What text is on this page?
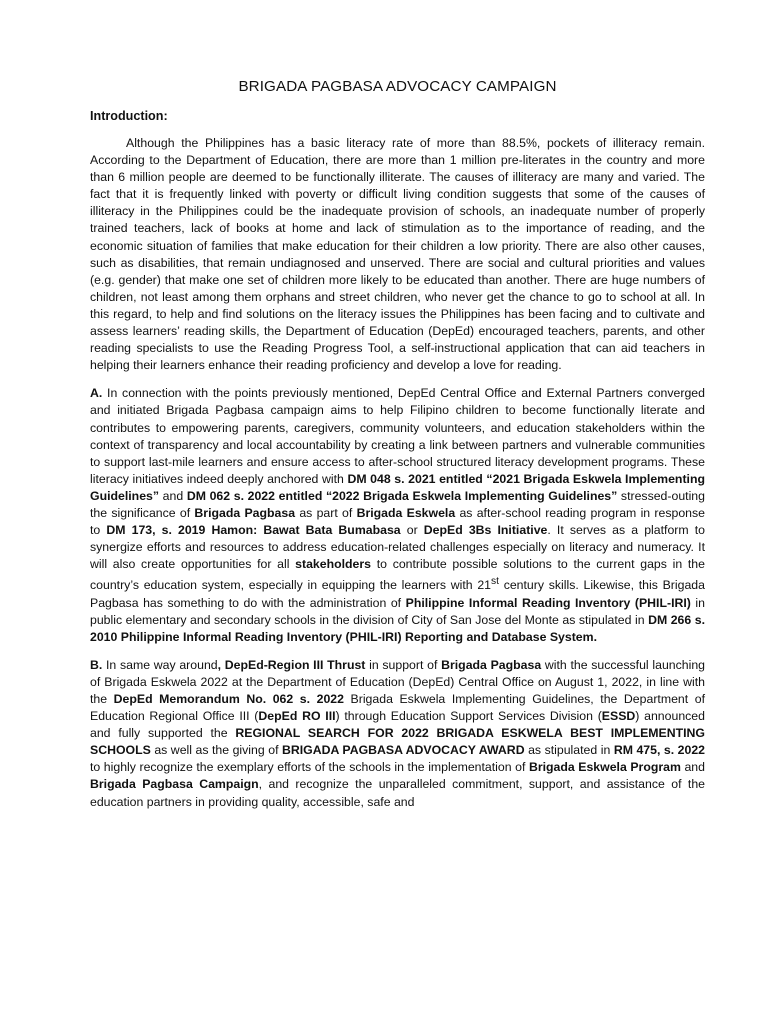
BRIGADA PAGBASA ADVOCACY CAMPAIGN
Introduction:

Although the Philippines has a basic literacy rate of more than 88.5%, pockets of illiteracy remain. According to the Department of Education, there are more than 1 million pre-literates in the country and more than 6 million people are deemed to be functionally illiterate. The causes of illiteracy are many and varied. The fact that it is frequently linked with poverty or difficult living condition suggests that some of the causes of illiteracy in the Philippines could be the inadequate provision of schools, an inadequate number of properly trained teachers, lack of books at home and lack of stimulation as to the importance of reading, and the economic situation of families that make education for their children a low priority. There are also other causes, such as disabilities, that remain undiagnosed and unserved. There are social and cultural priorities and values (e.g. gender) that make one set of children more likely to be educated than another. There are huge numbers of children, not least among them orphans and street children, who never get the chance to go to school at all. In this regard, to help and find solutions on the literacy issues the Philippines has been facing and to cultivate and assess learners’ reading skills, the Department of Education (DepEd) encouraged teachers, parents, and other reading specialists to use the Reading Progress Tool, a self-instructional application that can aid teachers in helping their learners enhance their reading proficiency and develop a love for reading.

A. In connection with the points previously mentioned, DepEd Central Office and External Partners converged and initiated Brigada Pagbasa campaign aims to help Filipino children to become functionally literate and contributes to empowering parents, caregivers, community volunteers, and education stakeholders within the context of transparency and local accountability by creating a link between partners and vulnerable communities to support last-mile learners and ensure access to after-school structured literacy development programs. These literacy initiatives indeed deeply anchored with DM 048 s. 2021 entitled “2021 Brigada Eskwela Implementing Guidelines” and DM 062 s. 2022 entitled “2022 Brigada Eskwela Implementing Guidelines” stressed-outing the significance of Brigada Pagbasa as part of Brigada Eskwela as after-school reading program in response to DM 173, s. 2019 Hamon: Bawat Bata Bumabasa or DepEd 3Bs Initiative. It serves as a platform to synergize efforts and resources to address education-related challenges especially on literacy and numeracy. It will also create opportunities for all stakeholders to contribute possible solutions to the current gaps in the country’s education system, especially in equipping the learners with 21st century skills. Likewise, this Brigada Pagbasa has something to do with the administration of Philippine Informal Reading Inventory (PHIL-IRI) in public elementary and secondary schools in the division of City of San Jose del Monte as stipulated in DM 266 s. 2010 Philippine Informal Reading Inventory (PHIL-IRI) Reporting and Database System.

B. In same way around, DepEd-Region III Thrust in support of Brigada Pagbasa with the successful launching of Brigada Eskwela 2022 at the Department of Education (DepEd) Central Office on August 1, 2022, in line with the DepEd Memorandum No. 062 s. 2022 Brigada Eskwela Implementing Guidelines, the Department of Education Regional Office III (DepEd RO III) through Education Support Services Division (ESSD) announced and fully supported the REGIONAL SEARCH FOR 2022 BRIGADA ESKWELA BEST IMPLEMENTING SCHOOLS as well as the giving of BRIGADA PAGBASA ADVOCACY AWARD as stipulated in RM 475, s. 2022 to highly recognize the exemplary efforts of the schools in the implementation of Brigada Eskwela Program and Brigada Pagbasa Campaign, and recognize the unparalleled commitment, support, and assistance of the education partners in providing quality, accessible, safe and
